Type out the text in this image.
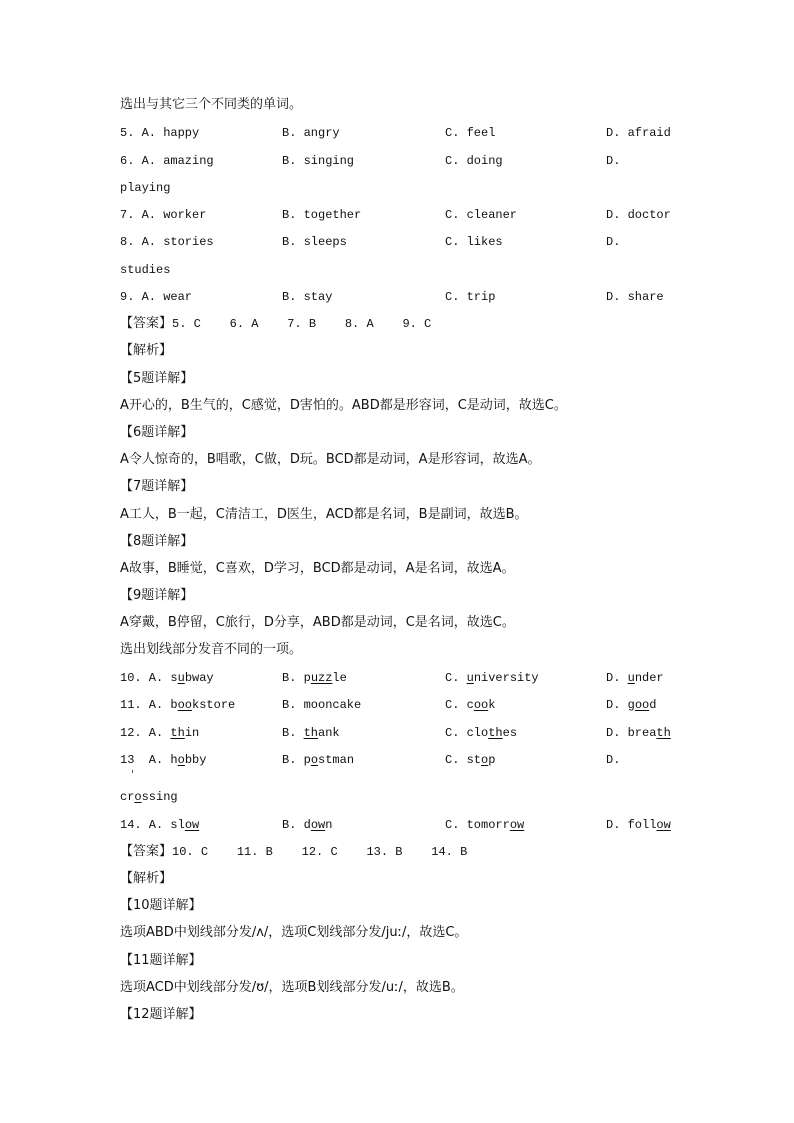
选出与其它三个不同类的单词。
5. A. happy	B. angry	C. feel	D. afraid
6. A. amazing	B. singing	C. doing	D.
playing
7. A. worker	B. together	C. cleaner	D. doctor
8. A. stories	B. sleeps	C. likes	D.
studies
9. A. wear	B. stay	C. trip	D. share
【答案】5. C    6. A    7. B    8. A    9. C
【解析】
【5题详解】
A开心的，B生气的，C感觉，D害怕的。ABD都是形容词，C是动词，故选C。
【6题详解】
A令人惊奇的，B唱歌，C做，D玩。BCD都是动词，A是形容词，故选A。
【7题详解】
A工人，B一起，C清洁工，D医生，ACD都是名词，B是副词，故选B。
【8题详解】
A故事，B睡觉，C喜欢，D学习，BCD都是动词，A是名词，故选A。
【9题详解】
A穿戴，B停留，C旅行，D分享，ABD都是动词，C是名词，故选C。
选出划线部分发音不同的一项。
10. A. subway	B. puzzle	C. university	D. under
11. A. bookstore	B. mooncake	C. cook	D. good
12. A. thin	B. thank	C. clothes	D. breath
13  A. hobby	B. postman	C. stop	D.
crossing
14. A. slow	B. down	C. tomorrow	D. follow
【答案】10. C    11. B    12. C    13. B    14. B
【解析】
【10题详解】
选项ABD中划线部分发/ʌ/，选项C划线部分发/juː/，故选C。
【11题详解】
选项ACD中划线部分发/ʊ/，选项B划线部分发/uː/，故选B。
【12题详解】
